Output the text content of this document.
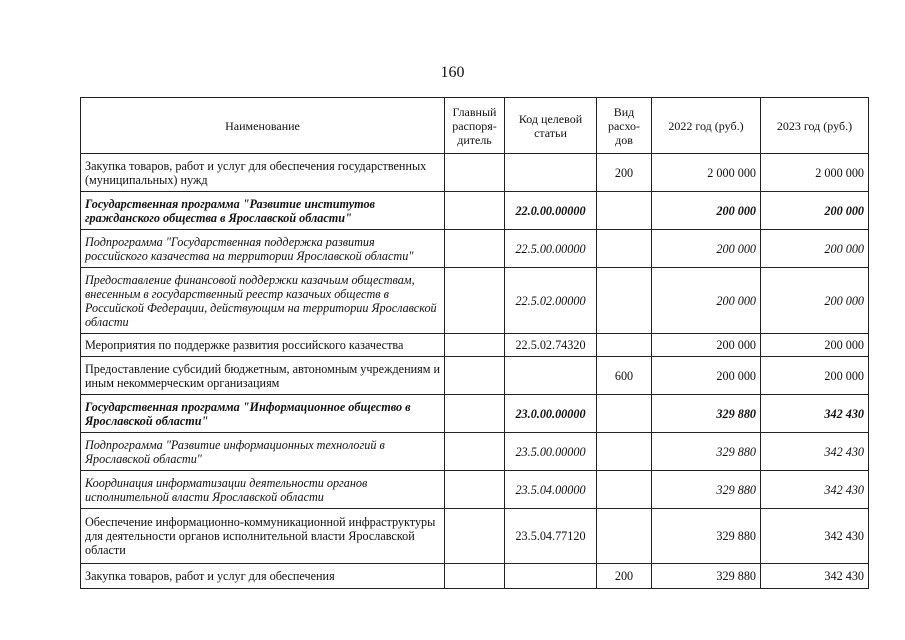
160
Наименование	Главный распоря-дитель	Код целевой статьи	Вид расхо-дов	2022 год (руб.)	2023 год (руб.)
Закупка товаров, работ и услуг для обеспечения государственных (муниципальных) нужд			200	2 000 000	2 000 000
Государственная программа "Развитие институтов гражданского общества в Ярославской области"		22.0.00.00000		200 000	200 000
Подпрограмма "Государственная поддержка развития российского казачества на территории Ярославской области"		22.5.00.00000		200 000	200 000
Предоставление финансовой поддержки казачьим обществам, внесенным в государственный реестр казачьих обществ в Российской Федерации, действующим на территории Ярославской области		22.5.02.00000		200 000	200 000
Мероприятия по поддержке развития российского казачества		22.5.02.74320		200 000	200 000
Предоставление субсидий бюджетным, автономным учреждениям и иным некоммерческим организациям			600	200 000	200 000
Государственная программа "Информационное общество в Ярославской области"		23.0.00.00000		329 880	342 430
Подпрограмма "Развитие информационных технологий в Ярославской области"		23.5.00.00000		329 880	342 430
Координация информатизации деятельности органов исполнительной власти Ярославской области		23.5.04.00000		329 880	342 430
Обеспечение информационно-коммуникационной инфраструктуры для деятельности органов исполнительной власти Ярославской области		23.5.04.77120		329 880	342 430
Закупка товаров, работ и услуг для обеспечения			200	329 880	342 430
